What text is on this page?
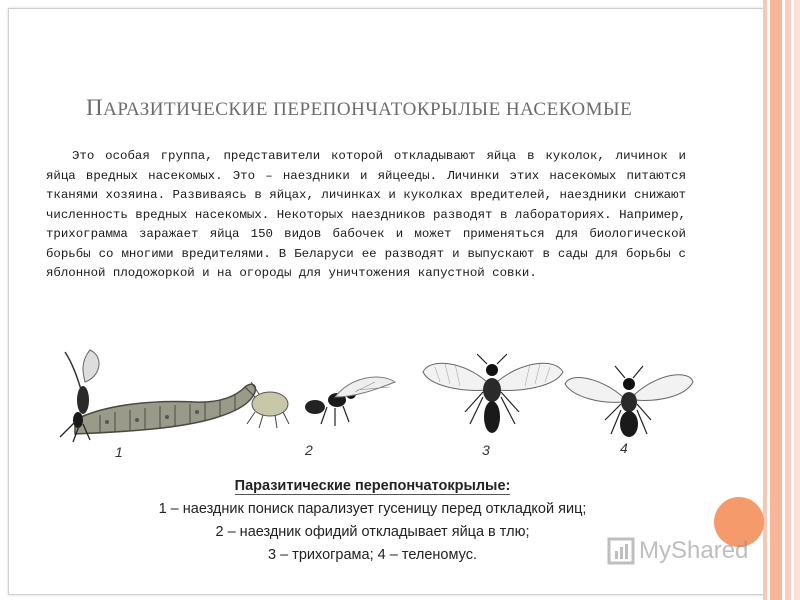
ПАРАЗИТИЧЕСКИЕ ПЕРЕПОНЧАТОКРЫЛЫЕ НАСЕКОМЫЕ
Это особая группа, представители которой откладывают яйца в куколок, личинок и яйца вредных насекомых. Это – наездники и яйцееды. Личинки этих насекомых питаются тканями хозяина. Развиваясь в яйцах, личинках и куколках вредителей, наездники снижают численность вредных насекомых. Некоторых наездников разводят в лабораториях. Например, трихограмма заражает яйца 150 видов бабочек и может применяться для биологической борьбы со многими вредителями. В Беларуси ее разводят и выпускают в сады для борьбы с яблонной плодожоркой и на огороды для уничтожения капустной совки.
1	2	3	4
Паразитические перепончатокрылые:
1 – наездник пониск парализует гусеницу перед откладкой яиц;
2 – наездник офидий откладывает яйца в тлю;
3 – трихограма; 4 – теленомус.	MyShared
